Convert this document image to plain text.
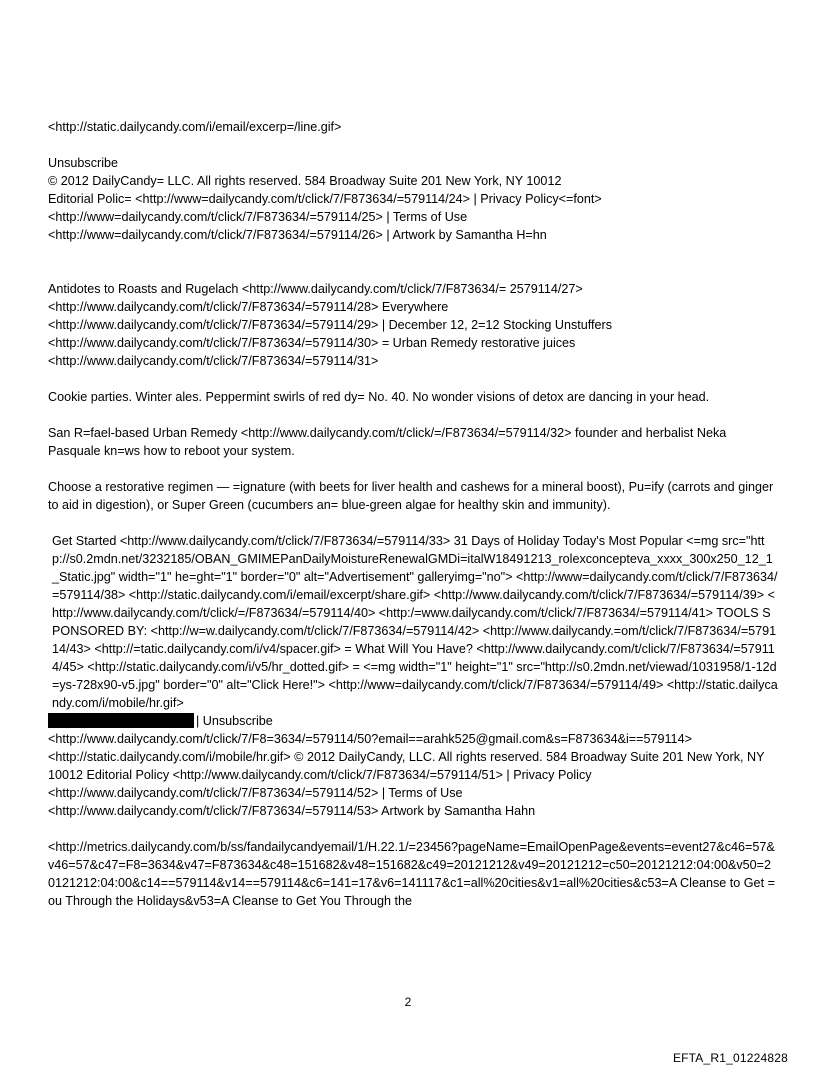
<http://static.dailycandy.com/i/email/excerp=/line.gif>
Unsubscribe
© 2012 DailyCandy= LLC. All rights reserved. 584 Broadway Suite 201 New York, NY 10012
Editorial Polic= <http://www=dailycandy.com/t/click/7/F873634/=579114/24> | Privacy Policy<=font>
<http://www=dailycandy.com/t/click/7/F873634/=579114/25> | Terms of Use
<http://www=dailycandy.com/t/click/7/F873634/=579114/26> | Artwork by Samantha H=hn
Antidotes to Roasts and Rugelach <http://www.dailycandy.com/t/click/7/F873634/= 2579114/27>
<http://www.dailycandy.com/t/click/7/F873634/=579114/28> Everywhere
<http://www.dailycandy.com/t/click/7/F873634/=579114/29> | December 12, 2=12 Stocking Unstuffers
<http://www.dailycandy.com/t/click/7/F873634/=579114/30> = Urban Remedy restorative juices
<http://www.dailycandy.com/t/click/7/F873634/=579114/31>
Cookie parties. Winter ales. Peppermint swirls of red dy= No. 40. No wonder visions of detox are dancing in your head.
San R=fael-based Urban Remedy <http://www.dailycandy.com/t/click/=/F873634/=579114/32> founder and herbalist Neka Pasquale kn=ws how to reboot your system.
Choose a restorative regimen — =ignature (with beets for liver health and cashews for a mineral boost), Pu=ify (carrots and ginger to aid in digestion), or Super Green (cucumbers an= blue-green algae for healthy skin and immunity).
Get Started <http://www.dailycandy.com/t/click/7/F873634/=579114/33> 31 Days of Holiday Today's Most Popular <=mg src="http://s0.2mdn.net/3232185/OBAN_GMIMEPanDailyMoistureRenewalGMDi=italW18491213_rolexconcepteva_xxxx_300x250_12_1_Static.jpg" width="1" he=ght="1" border="0" alt="Advertisement" galleryimg="no"> <http://www=dailycandy.com/t/click/7/F873634/=579114/38> <http://static.dailycandy.com/i/email/excerpt/share.gif> <http://www.dailycandy.com/t/click/7/F873634/=579114/39> <http://www.dailycandy.com/t/click/=/F873634/=579114/40> <http:/=www.dailycandy.com/t/click/7/F873634/=579114/41> TOOLS SPONSORED BY: <http://w=w.dailycandy.com/t/click/7/F873634/=579114/42> <http://www.dailycandy.=om/t/click/7/F873634/=579114/43> <http://=tatic.dailycandy.com/i/v4/spacer.gif> = What Will You Have? <http://www.dailycandy.com/t/click/7/F873634/=579114/45> <http://static.dailycandy.com/i/v5/hr_dotted.gif> = <=mg width="1" height="1" src="http://s0.2mdn.net/viewad/1031958/1-12d=ys-728x90-v5.jpg" border="0" alt="Click Here!"> <http://www=dailycandy.com/t/click/7/F873634/=579114/49> <http://static.dailycandy.com/i/mobile/hr.gif>
| Unsubscribe
<http://www.dailycandy.com/t/click/7/F8=3634/=579114/50?email==arahk525@gmail.com&s=F873634&i==579114> <http://static.dailycandy.com/i/mobile/hr.gif> © 2012 DailyCandy, LLC. All rights reserved. 584 Broadway Suite 201 New York, NY 10012 Editorial Policy <http://www.dailycandy.com/t/click/7/F873634/=579114/51> | Privacy Policy <http://www.dailycandy.com/t/click/7/F873634/=579114/52> | Terms of Use <http://www.dailycandy.com/t/click/7/F873634/=579114/53> Artwork by Samantha Hahn
<http://metrics.dailycandy.com/b/ss/fandailycandyemail/1/H.22.1/=23456?pageName=EmailOpenPage&events=event27&c46=57&v46=57&c47=F8=3634&v47=F873634&c48=151682&v48=151682&c49=20121212&v49=20121212=c50=20121212:04:00&v50=20121212:04:00&c14==579114&v14==579114&c6=141=17&v6=141117&c1=all%20cities&v1=all%20cities&c53=A Cleanse to Get =ou Through the Holidays&v53=A Cleanse to Get You Through the
2
EFTA_R1_01224828
